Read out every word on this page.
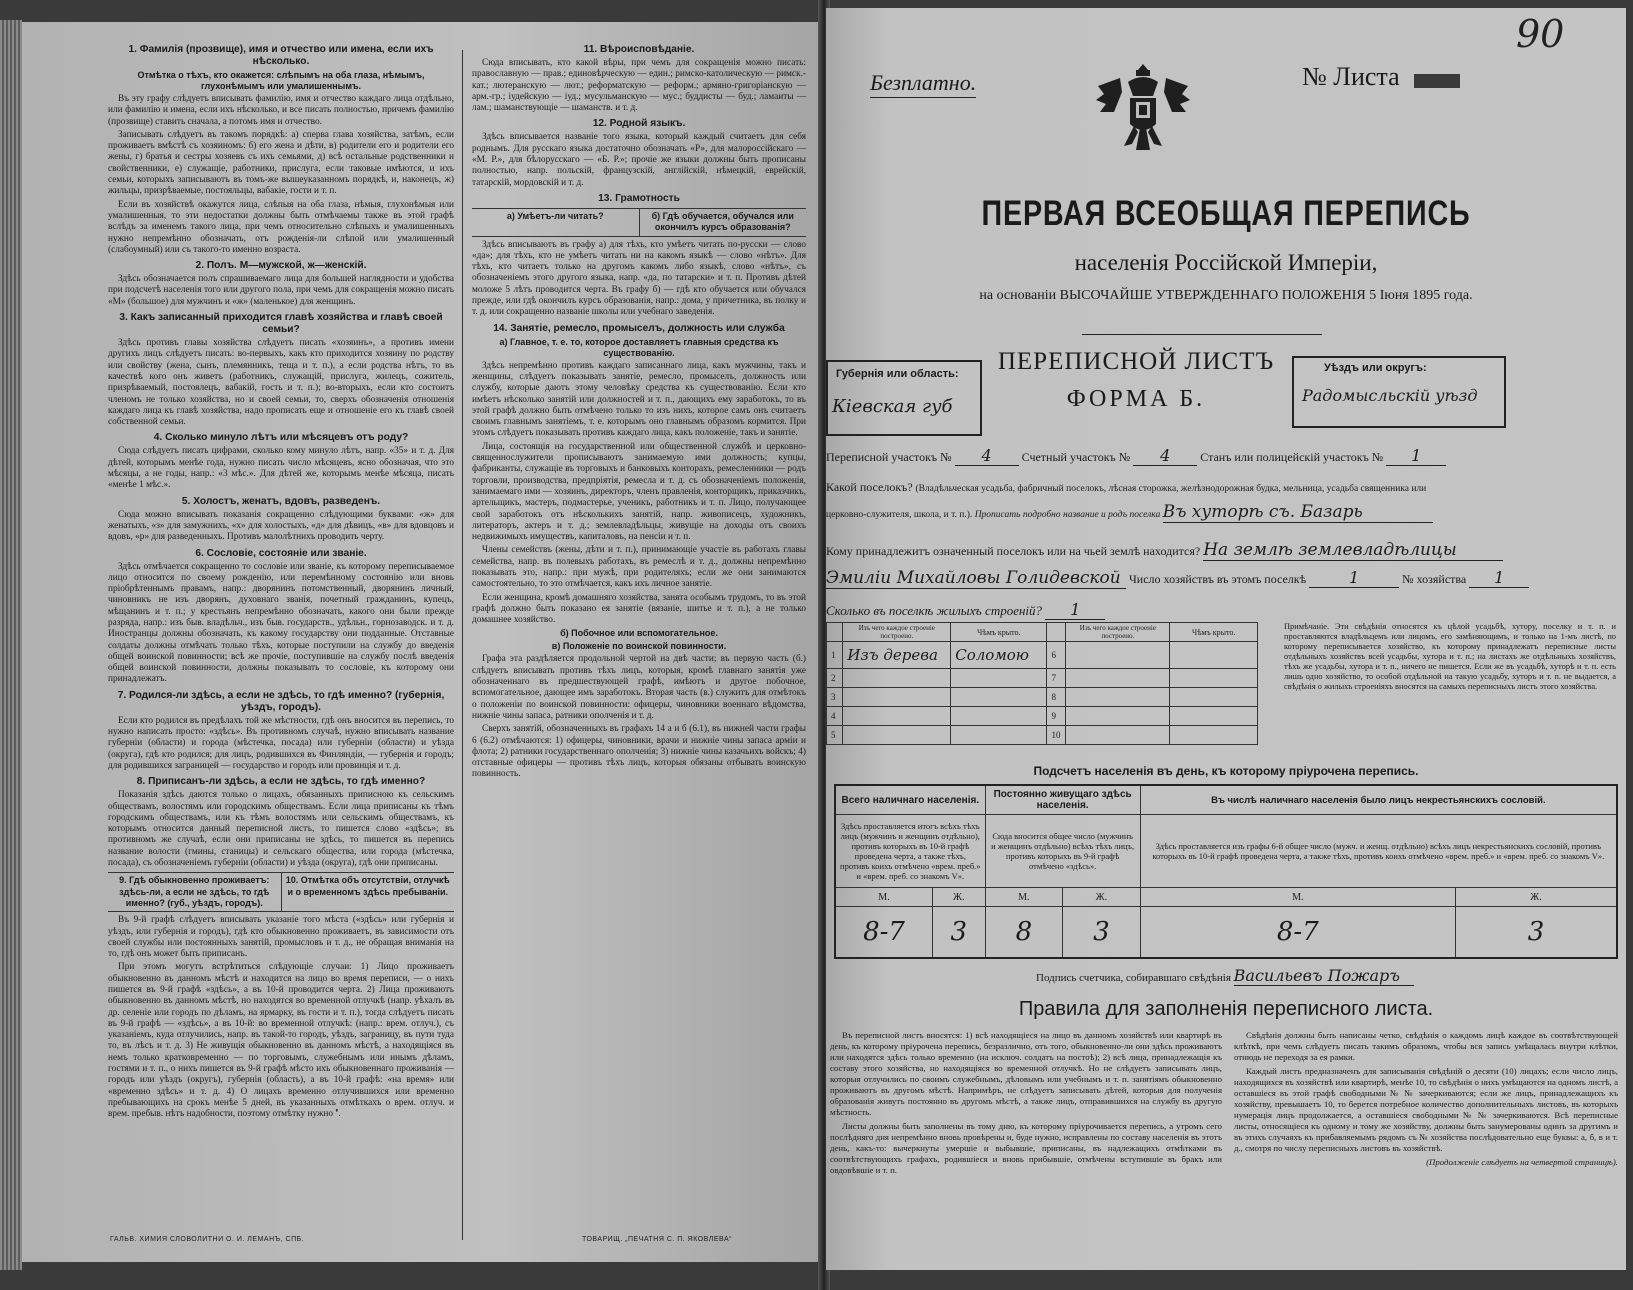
1. Фамилія (прозвище), имя и отчество или имена, если ихъ нѣсколько.
Отмѣтка о тѣхъ, кто окажется: слѣпымъ на оба глаза, нѣмымъ, глухонѣмымъ или умалишеннымъ.

Въ эту графу слѣдуетъ вписывать фамилію, имя и отчество каждаго лица отдѣльно, или фамилію и имена, если ихъ нѣсколько, и все писать полностью, причемъ фамилію (прозвище) ставить сначала, а потомъ имя и отчество.

Записывать слѣдуетъ въ такомъ порядкѣ: а) сперва глава хозяйства, затѣмъ, если проживаетъ вмѣстѣ съ хозяиномъ: б) его жена и дѣти, в) родители его и родители его жены, г) братья и сестры хозяевъ съ ихъ семьями, д) всѣ остальные родственники и свойственники, е) служащіе, работники, прислуга, если таковые имѣются, и ихъ семьи, которыхъ записываютъ въ томъ-же вышеуказанномъ порядкѣ, и, наконецъ, ж) жильцы, призрѣваемые, постояльцы, вабакіе, гости и т. п.

Если въ хозяйствѣ окажутся лица, слѣпыя на оба глаза, нѣмыя, глухонѣмыя или умалишенныя, то эти недостатки должны быть отмѣчаемы также въ этой графѣ вслѣдъ за именемъ такого лица, при чемъ относительно слѣпыхъ и умалишенныхъ нужно непремѣнно обозначать, отъ рожденія-ли слѣпой или умалишенный (слабоумный) или съ такого-то именно возраста.

2. Полъ. М—мужской, ж—женскій.

Здѣсь обозначается полъ спрашиваемаго лица для большей наглядности и удобства при подсчетѣ населенія того или другого пола, при чемъ для сокращенія можно писать «М» (большое) для мужчинъ и «ж» (маленькое) для женщинъ.

3. Какъ записанный приходится главѣ хозяйства и главѣ своей семьи?

Здѣсь противъ главы хозяйства слѣдуетъ писать «хозяинъ», а противъ имени другихъ лицъ слѣдуетъ писать: во-первыхъ, какъ кто приходится хозяину по родству или свойству (жена, сынъ, племянникъ, теща и т. п.), а если родства нѣтъ, то въ качествѣ кого онъ живетъ (работникъ, служащій, прислуга, жилецъ, сожитель, призрѣваемый, постоялецъ, вабакій, гость и т. п.); во-вторыхъ, если кто состоитъ членомъ не только хозяйства, но и своей семьи, то, сверхъ обозначенія отношенія каждаго лица къ главѣ хозяйства, надо прописать еще и отношеніе его къ главѣ своей собственной семьи.

4. Сколько минуло лѣтъ или мѣсяцевъ отъ роду?

Сюда слѣдуетъ писать цифрами, сколько кому минуло лѣтъ, напр. «35» и т. д. Для дѣтей, которымъ менѣе года, нужно писать число мѣсяцевъ, ясно обозначая, что это мѣсяцы, а не годы, напр.: «3 мѣс.». Для дѣтей же, которымъ менѣе мѣсяца, писать «менѣе 1 мѣс.».

5. Холостъ, женатъ, вдовъ, разведенъ.

Сюда можно вписывать показанія сокращенно слѣдующими буквами: «ж» для женатыхъ, «з» для замужнихъ, «х» для холостыхъ, «д» для дѣвицъ, «в» для вдовцовъ и вдовъ, «р» для разведенныхъ. Противъ малолѣтнихъ проводить черту.

6. Сословіе, состояніе или званіе.

Здѣсь отмѣчается сокращенно то сословіе или званіе, къ которому переписываемое лицо относится по своему рожденію, или перемѣнному состоянію или вновь пріобрѣтеннымъ правамъ, напр.: дворянинъ потомственный, дворянинъ личный, чиновникъ не изъ дворянъ, духовнаго званія, почетный гражданинъ, купецъ, мѣщанинъ и т. п.; у крестьянъ непремѣнно обозначать, какого они были прежде разряда, напр.: изъ быв. владѣльч., изъ быв. государств., удѣльн., горнозаводск. и т. д. Иностранцы должны обозначать, къ какому государству они подданные. Отставные солдаты должны отмѣчать только тѣхъ, которые поступили на службу до введенія общей воинской повинности; всѣ же прочіе, поступившіе на службу послѣ введенія общей воинской повинности, должны показывать то сословіе, къ которому они принадлежатъ.

7. Родился-ли здѣсь, а если не здѣсь, то гдѣ именно? (губернія, уѣздъ, городъ).

Если кто родился въ предѣлахъ той же мѣстности, гдѣ онъ вносится въ перепись, то нужно написать просто: «здѣсь». Въ противномъ случаѣ, нужно вписывать название губерніи (области) и города (мѣстечка, посада) или губерніи (области) и уѣзда (округа), гдѣ кто родился; для лицъ, родившихся въ Финляндіи, — губернія и городъ; для родившихся заграницей — государство и городъ или провинція и т. д.

8. Приписанъ-ли здѣсь, а если не здѣсь, то гдѣ именно?

Показанія здѣсь даются только о лицахъ, обязанныхъ приписною къ сельскимъ обществамъ, волостямъ или городскимъ обществамъ. Если лица приписаны къ тѣмъ городскимъ обществамъ, или къ тѣмъ волостямъ или сельскимъ обществамъ, къ которымъ относится данный переписной листъ, то пишется слово «здѣсь»; въ противномъ же случаѣ, если они приписаны не здѣсь, то пишется въ перепись название волости (гмины, станицы) и сельскаго общества, или города (мѣстечка, посада), съ обозначеніемъ губерніи (области) и уѣзда (округа), гдѣ они приписаны.

9. Гдѣ обыкновенно проживаетъ: здѣсь-ли, а если не здѣсь, то гдѣ именно? (губ., уѣздъ, городъ).
10. Отмѣтка объ отсутствіи, отлучкѣ и о временномъ здѣсь пребываніи.

Въ 9-й графѣ слѣдуетъ вписывать указаніе того мѣста («здѣсь» или губернія и уѣздъ, или губернія и городъ), гдѣ кто обыкновенно проживаетъ, въ зависимости отъ своей службы или постоянныхъ занятій, промысловъ и т. д., не обращая вниманія на то, гдѣ онъ может быть приписанъ.

При этомъ могутъ встрѣтиться слѣдующіе случаи: 1) Лицо проживаетъ обыкновенно въ данномъ мѣстѣ и находится на лицо во время переписи, — о нихъ пишется въ 9-й графѣ «здѣсь», а въ 10-й проводится черта. 2) Лица проживаютъ обыкновенно въ данномъ мѣстѣ, но находятся во временной отлучкѣ (напр. уѣхалъ въ др. селеніе или городъ по дѣламъ, на ярмарку, въ гости и т. п.), тогда слѣдуетъ писать въ 9-й графѣ — «здѣсь», а въ 10-й: во временной отлучкѣ: (напр.: врем. отлуч.), съ указаніемъ, куда отлучились, напр. въ такой-то городъ, уѣздъ, заграницу, въ пути туда то, въ лѣсъ и т. д. 3) Не живущія обыкновенно въ данномъ мѣстѣ, а находящіяся въ немъ только кратковременно — по торговымъ, служебнымъ или инымъ дѣламъ, гостями и т. п., о нихъ пишется въ 9-й графѣ мѣсто ихъ обыкновеннаго проживанія — городъ или уѣздъ (округъ), губернія (область), а въ 10-й графѣ: «на время» или «временно здѣсь» и т. д. 4) О лицахъ временно отлучившихся или временно пребывающихъ на срокъ менѣе 5 дней, въ указанныхъ отмѣткахъ о врем. отлуч. и врем. пребыв. нѣтъ надобности, поэтому отмѣтку нужно ❜.

11. Вѣроисповѣданіе.

Сюда вписывать, кто какой вѣры, при чемъ для сокращенія можно писать: православную — прав.; единовѣрческую — един.; римско-католическую — римск.-кат.; лютеранскую — лют.; реформатскую — реформ.; армяно-григоріанскую — арм.-гр.; іудейскую — іуд.; мусульманскую — мус.; буддисты — буд.; ламаиты — лам.; шаманствующіе — шаманств. и т. д.

12. Родной языкъ.

Здѣсь вписывается названіе того языка, который каждый считаетъ для себя роднымъ. Для русскаго языка достаточно обозначать «Р», для малороссійскаго — «М. Р.», для бѣлорусскаго — «Б. Р.»; прочіе же языки должны быть прописаны полностью, напр. польскій, французскій, англійскій, нѣмецкій, еврейскій, татарскій, мордовскій и т. д.

13. Грамотность
а) Умѣетъ-ли читать?	б) Гдѣ обучается, обучался или окончилъ курсъ образованія?

Здѣсь вписываютъ въ графу а) для тѣхъ, кто умѣетъ читать по-русски — слово «да»; для тѣхъ, кто не умѣетъ читать ни на какомъ языкѣ — слово «нѣтъ». Для тѣхъ, кто читаетъ только на другомъ какомъ либо языкѣ, слово «нѣтъ», съ обозначеніемъ этого другого языка, напр. «да, по татарски» и т. п. Противъ дѣтей моложе 5 лѣтъ проводится черта. Въ графу б) — гдѣ кто обучается или обучался прежде, или гдѣ окончилъ курсъ образованія, напр.: дома, у причетника, въ полку и т. д. или сокращенно названіе школы или учебнаго заведенія.

14. Занятіе, ремесло, промыселъ, должность или служба
а) Главное, т. е. то, которое доставляетъ главныя средства къ существованію.

Здѣсь непремѣнно противъ каждаго записаннаго лица, какъ мужчины, такъ и женщины, слѣдуетъ показывать занятіе, ремесло, промыселъ, должность или службу, которые даютъ этому человѣку средства къ существованію. Если кто имѣетъ нѣсколько занятій или должностей и т. п., дающихъ ему заработокъ, то въ этой графѣ должно быть отмѣчено только то изъ нихъ, которое самъ онъ считаетъ своимъ главнымъ занятіемъ, т. е. которымъ оно главнымъ образомъ кормится. При этомъ слѣдуетъ показывать противъ каждаго лица, какъ положеніе, такъ и занятіе.

Лица, состоящія на государственной или общественной службѣ и церковно-священнослужители прописываютъ занимаемую ими должность; купцы, фабриканты, служащіе въ торговыхъ и банковыхъ конторахъ, ремесленники — родъ торговли, производства, предпріятія, ремесла и т. д. съ обозначеніемъ положенія, занимаемаго ими — хозяинъ, директоръ, членъ правленія, конторщикъ, приказчикъ, артельщикъ, мастеръ, подмастерье, ученикъ, работникъ и т. п. Лицо, получающее свой заработокъ отъ нѣсколькихъ занятій, напр. живописецъ, художникъ, литераторъ, актеръ и т. д.; землевладѣльцы, живущіе на доходы отъ своихъ недвижимыхъ имуществъ, капиталовъ, на пенсіи и т. п.

Члены семействъ (жены, дѣти и т. п.), принимающіе участіе въ работахъ главы семейства, напр. въ полевыхъ работахъ, въ ремеслѣ и т. д., должны непремѣнно показывать это, напр.: при мужѣ, при родителяхъ; если же они занимаются самостоятельно, то это отмѣчается, какъ ихъ личное занятіе.

Если женщина, кромѣ домашняго хозяйства, занята особымъ трудомъ, то въ этой графѣ должно быть показано ея занятіе (вязаніе, шитье и т. п.), а не только домашнее хозяйство.

б) Побочное или вспомогательное.
в) Положеніе по воинской повинности.

Графа эта раздѣляется продольной чертой на двѣ части; въ первую часть (б.) слѣдуетъ вписывать противъ тѣхъ лицъ, которыя, кромѣ главнаго занятія уже обозначеннаго въ предшествующей графѣ, имѣютъ и другое побочное, вспомогательное, дающее имъ заработокъ. Вторая часть (в.) служитъ для отмѣтокъ о положеніи по воинской повинности: офицеры, чиновники военнаго вѣдомства, нижніе чины запаса, ратники ополченія и т. д.

Сверхъ занятій, обозначенныхъ въ графахъ 14 а и б (6.1), въ нижней части графы 6 (6.2) отмѣчаются: 1) офицеры, чиновники, врачи и нижніе чины запаса арміи и флота; 2) ратники государственнаго ополченія; 3) нижніе чины казачьихъ войскъ; 4) отставные офицеры — противъ тѣхъ лицъ, которыя обязаны отбывать воинскую повинность.

ГАЛЬВ. ХИМИЯ СЛОВОЛИТНИ О. И. ЛЕМАНЪ, СПБ.	ТОВАРИЩ. „ПЕЧАТНЯ С. П. ЯКОВЛЕВА“
90
Безплатно.	№ Листа
ПЕРВАЯ ВСЕОБЩАЯ ПЕРЕПИСЬ
населенія Россійской Имперіи,
на основаніи ВЫСОЧАЙШЕ УТВЕРЖДЕННАГО ПОЛОЖЕНІЯ 5 Іюня 1895 года.
Губернія или область:
Кіевская губ
ПЕРЕПИСНОЙ ЛИСТЪ
ФОРМА Б.
Уѣздъ или округъ:
Радомысльскій уѣзд
Переписной участокъ № 4 Счетный участокъ № 4 Станъ или полицейскій участокъ № 1
Какой поселокъ? (Владѣльческая усадьба, фабричный поселокъ, лѣсная сторожка, желѣзнодорожная будка, мельница, усадьба священника или
церковно-служителя, школа, и т. п.). Прописать подробно название и родъ поселка Въ хуторѣ съ. Базарь
Кому принадлежитъ означенный поселокъ или на чьей землѣ находится? На землѣ землевладѣлицы
Эмиліи Михайловы Голидевской Число хозяйствъ въ этомъ поселкѣ	1	№ хозяйства 1
Сколько въ поселкѣ жилыхъ строеній? 1
	Изъ чего каждое строеніе построено.	Чѣмъ крыто.		Изъ чего каждое строеніе построено.	Чѣмъ крыто.
1	Изъ дерева	Соломою	6		
2			7		
3			8		
4			9		
5			10		
Примѣчаніе. Эти свѣдѣнія относятся къ цѣлой усадьбѣ, хутору, поселку и т. п. и проставляются владѣльцемъ или лицомъ, его замѣняющимъ, и только на 1-мъ листѣ, по которому переписывается хозяйство, къ которому принадлежатъ переписные листы отдѣльныхъ хозяйствъ всей усадьбы, хутора и т. п.; на листахъ же отдѣльныхъ хозяйствъ, тѣхъ же усадьбы, хутора и т. п., ничего не пишется. Если же въ усадьбѣ, хуторѣ и т. п. есть лишь одно хозяйство, то особой отдѣльной на такую усадьбу, хуторъ и т. п. не выдается, а свѣдѣнія о жилыхъ строеніяхъ вносятся на самыхъ переписныхъ листъ этого хозяйства.
Подсчетъ населенія въ день, къ которому пріурочена перепись.
Всего наличнаго населенія.		Постоянно живущаго здѣсь населенія.		Въ числѣ наличнаго населенія было лицъ некрестьянскихъ сословій.	
Здѣсь проставляется итогъ всѣхъ тѣхъ лицъ (мужчинъ и женщинъ отдѣльно), противъ которыхъ въ 10-й графѣ проведена черта, а также тѣхъ, противъ коихъ отмѣчено «врем. преб.» и «врем. преб. со знакомъ V».		Сюда вносится общее число (мужчинъ и женщинъ отдѣльно) всѣхъ тѣхъ лицъ, противъ которыхъ въ 9-й графѣ отмѣчено «здѣсь».		Здѣсь проставляется изъ графы 6-й общее число (мужч. и женщ. отдѣльно) всѣхъ лицъ некрестьянскихъ сословій, противъ которыхъ въ 10-й графѣ проведена черта, а также тѣхъ, противъ коихъ отмѣчено «врем. преб.» и «врем. преб. со знакомъ V».	
М.	Ж.	М.	Ж.	М.	Ж.
8-7	3	8	3	8-7	3
Подпись счетчика, собиравшаго свѣдѣнія Васильевъ Пожаръ
Правила для заполненія переписного листа.

Въ переписной листъ вносятся: 1) всѣ находящіеся на лицо въ данномъ хозяйствѣ или квартирѣ въ день, къ которому пріурочена перепись, безразлично, отъ того, обыкновенно-ли они здѣсь проживаютъ или находятся здѣсь только временно (на исключ. солдатъ на постоѣ); 2) всѣ лица, принадлежащія къ составу этого хозяйства, но находящіяся во временной отлучкѣ. Но не слѣдуетъ записывать лицъ, которыя отлучились по своимъ служебнымъ, дѣловымъ или учебнымъ и т. п. занятіямъ обыкновенно проживаютъ въ другомъ мѣстѣ. Напримѣръ, не слѣдуетъ записывать дѣтей, которыя для полученія образованія живутъ постоянно въ другомъ мѣстѣ, а также лицъ, отправившихся на службу въ другую мѣстность.

Листы должны быть заполнены въ тому дню, къ которому пріурочивается перепись, а утромъ сего послѣдняго дня непремѣнно вновь провѣрены и, буде нужно, исправлены по составу населенія въ этотъ день, какъ-то: вычеркнуты умершіе и выбывшіе, приписаны, въ надлежащихъ отмѣтками въ соотвѣтствующихъ графахъ, родившіеся и вновь прибывшіе, отмѣчены вступившіе въ бракъ или овдовѣвшіе и т. п.

Свѣдѣнія должны быть написаны четко, свѣдѣнія о каждомъ лицѣ каждое въ соотвѣтствующей клѣткѣ, при чемъ слѣдуетъ писать такимъ образомъ, чтобы вся запись умѣщалась внутри клѣтки, отнюдь не переходя за ея рамки.

Каждый листъ предназначенъ для записыванія свѣдѣній о десяти (10) лицахъ; если число лицъ, находящихся въ хозяйствѣ или квартирѣ, менѣе 10, то свѣдѣнія о нихъ умѣщаются на одномъ листѣ, а оставшіеся въ этой графѣ свободными № № зачеркиваются; если же лицъ, принадлежащихъ къ хозяйству, превышаетъ 10, то берется потребное количество дополнительныхъ листовъ, въ которыхъ нумерація лицъ продолжается, а оставшіеся свободными № № зачеркиваются. Всѣ переписные листы, относящіеся къ одному и тому же хозяйству, должны быть занумерованы одинъ за другимъ и въ этихъ случаяхъ къ прибавляемымъ рядомъ съ № хозяйства послѣдовательно еще буквы: а, б, в и т. д., смотря по числу переписныхъ листовъ въ хозяйствѣ.

(Продолженіе слѣдуетъ на четвертой страницѣ).
